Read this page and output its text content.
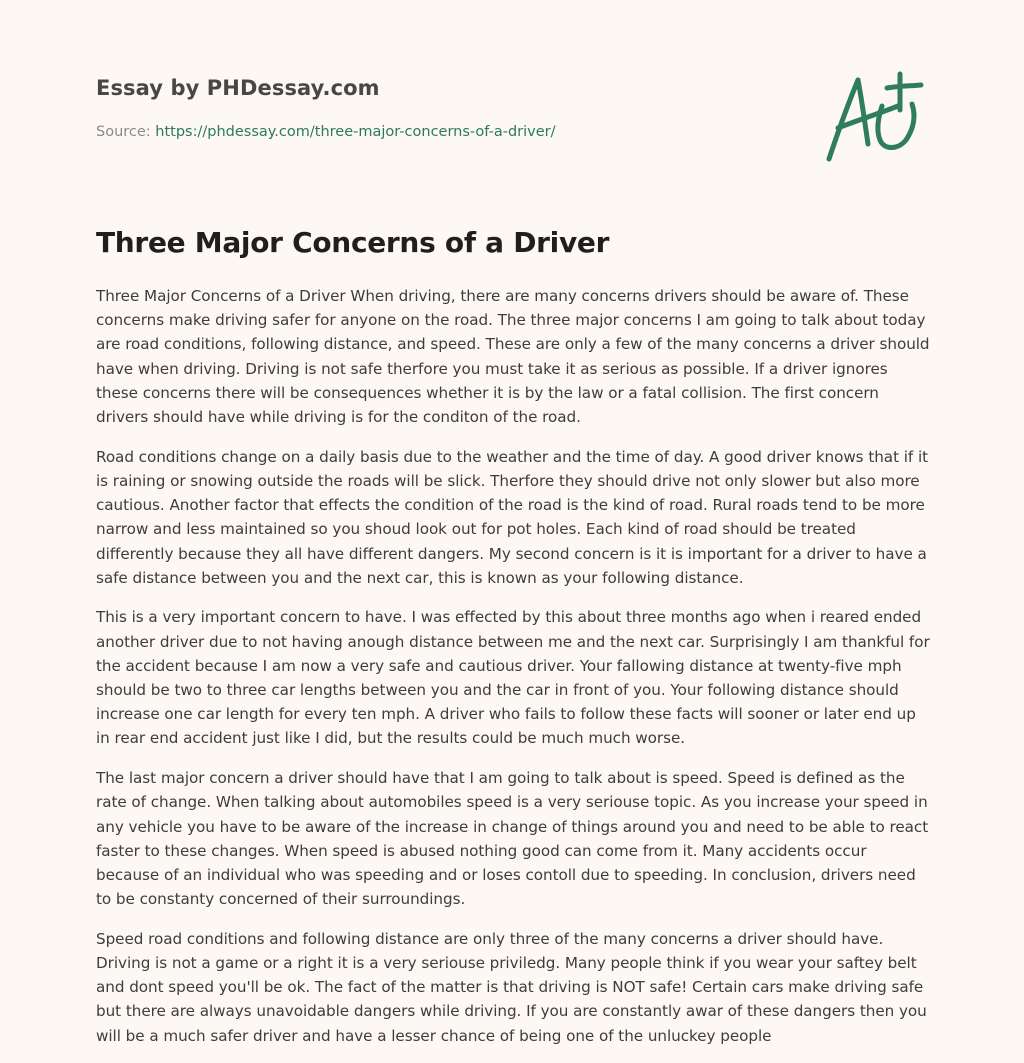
Essay by PHDessay.com
Source: https://phdessay.com/three-major-concerns-of-a-driver/
Three Major Concerns of a Driver

Three Major Concerns of a Driver When driving, there are many concerns drivers should be aware of. These concerns make driving safer for anyone on the road. The three major concerns I am going to talk about today are road conditions, following distance, and speed. These are only a few of the many concerns a driver should have when driving. Driving is not safe therfore you must take it as serious as possible. If a driver ignores these concerns there will be consequences whether it is by the law or a fatal collision. The first concern drivers should have while driving is for the conditon of the road.

Road conditions change on a daily basis due to the weather and the time of day. A good driver knows that if it is raining or snowing outside the roads will be slick. Therfore they should drive not only slower but also more cautious. Another factor that effects the condition of the road is the kind of road. Rural roads tend to be more narrow and less maintained so you shoud look out for pot holes. Each kind of road should be treated differently because they all have different dangers. My second concern is it is important for a driver to have a safe distance between you and the next car, this is known as your following distance.

This is a very important concern to have. I was effected by this about three months ago when i reared ended another driver due to not having anough distance between me and the next car. Surprisingly I am thankful for the accident because I am now a very safe and cautious driver. Your fallowing distance at twenty-five mph should be two to three car lengths between you and the car in front of you. Your following distance should increase one car length for every ten mph. A driver who fails to follow these facts will sooner or later end up in rear end accident just like I did, but the results could be much much worse.

The last major concern a driver should have that I am going to talk about is speed. Speed is defined as the rate of change. When talking about automobiles speed is a very seriouse topic. As you increase your speed in any vehicle you have to be aware of the increase in change of things around you and need to be able to react faster to these changes. When speed is abused nothing good can come from it. Many accidents occur because of an individual who was speeding and or loses contoll due to speeding. In conclusion, drivers need to be constanty concerned of their surroundings.

Speed road conditions and following distance are only three of the many concerns a driver should have. Driving is not a game or a right it is a very seriouse priviledg. Many people think if you wear your saftey belt and dont speed you'll be ok. The fact of the matter is that driving is NOT safe! Certain cars make driving safe but there are always unavoidable dangers while driving. If you are constantly awar of these dangers then you will be a much safer driver and have a lesser chance of being one of the unluckey people
